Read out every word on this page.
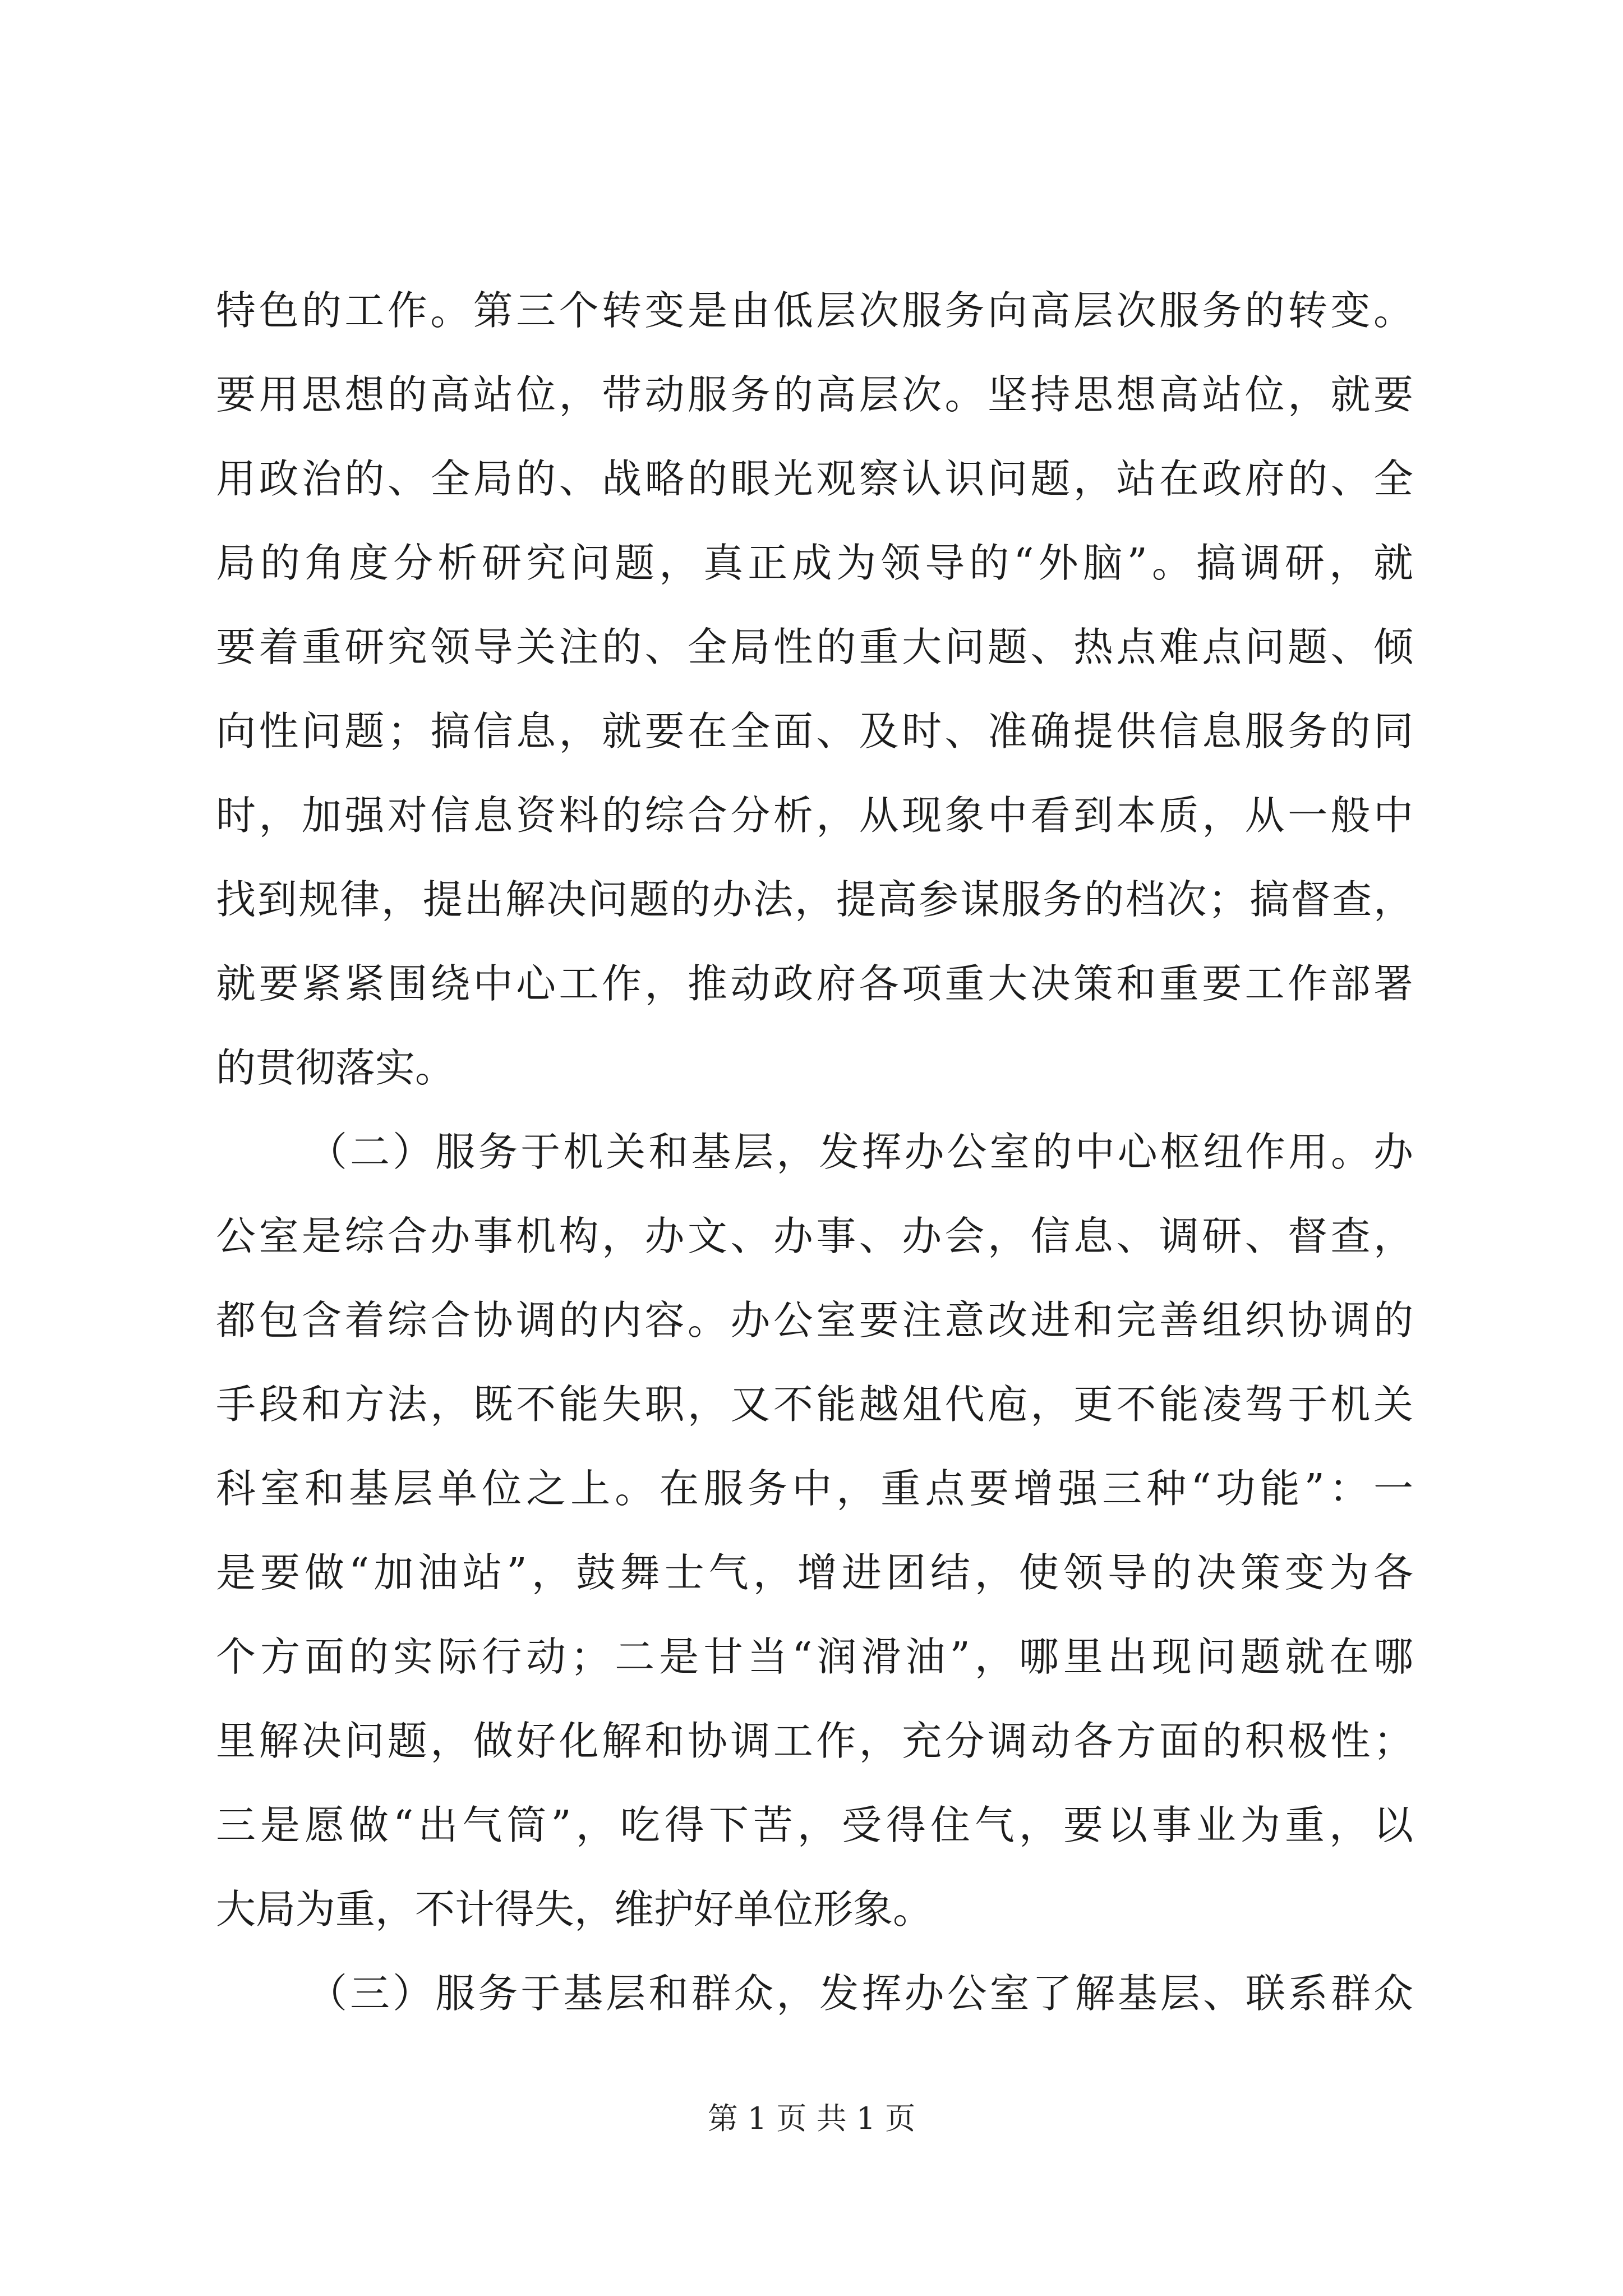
特色的工作。第三个转变是由低层次服务向高层次服务的转变。
要用思想的高站位，带动服务的高层次。坚持思想高站位，就要
用政治的、全局的、战略的眼光观察认识问题，站在政府的、全
局的角度分析研究问题，真正成为领导的“外脑”。搞调研，就
要着重研究领导关注的、全局性的重大问题、热点难点问题、倾
向性问题；搞信息，就要在全面、及时、准确提供信息服务的同
时，加强对信息资料的综合分析，从现象中看到本质，从一般中
找到规律，提出解决问题的办法，提高参谋服务的档次；搞督查，
就要紧紧围绕中心工作，推动政府各项重大决策和重要工作部署
的贯彻落实。
（二）服务于机关和基层，发挥办公室的中心枢纽作用。办
公室是综合办事机构，办文、办事、办会，信息、调研、督查，
都包含着综合协调的内容。办公室要注意改进和完善组织协调的
手段和方法，既不能失职，又不能越俎代庖，更不能凌驾于机关
科室和基层单位之上。在服务中，重点要增强三种“功能”：一
是要做“加油站”，鼓舞士气，增进团结，使领导的决策变为各
个方面的实际行动；二是甘当“润滑油”，哪里出现问题就在哪
里解决问题，做好化解和协调工作，充分调动各方面的积极性；
三是愿做“出气筒”，吃得下苦，受得住气，要以事业为重，以
大局为重，不计得失，维护好单位形象。
（三）服务于基层和群众，发挥办公室了解基层、联系群众
第 1 页 共 1 页
